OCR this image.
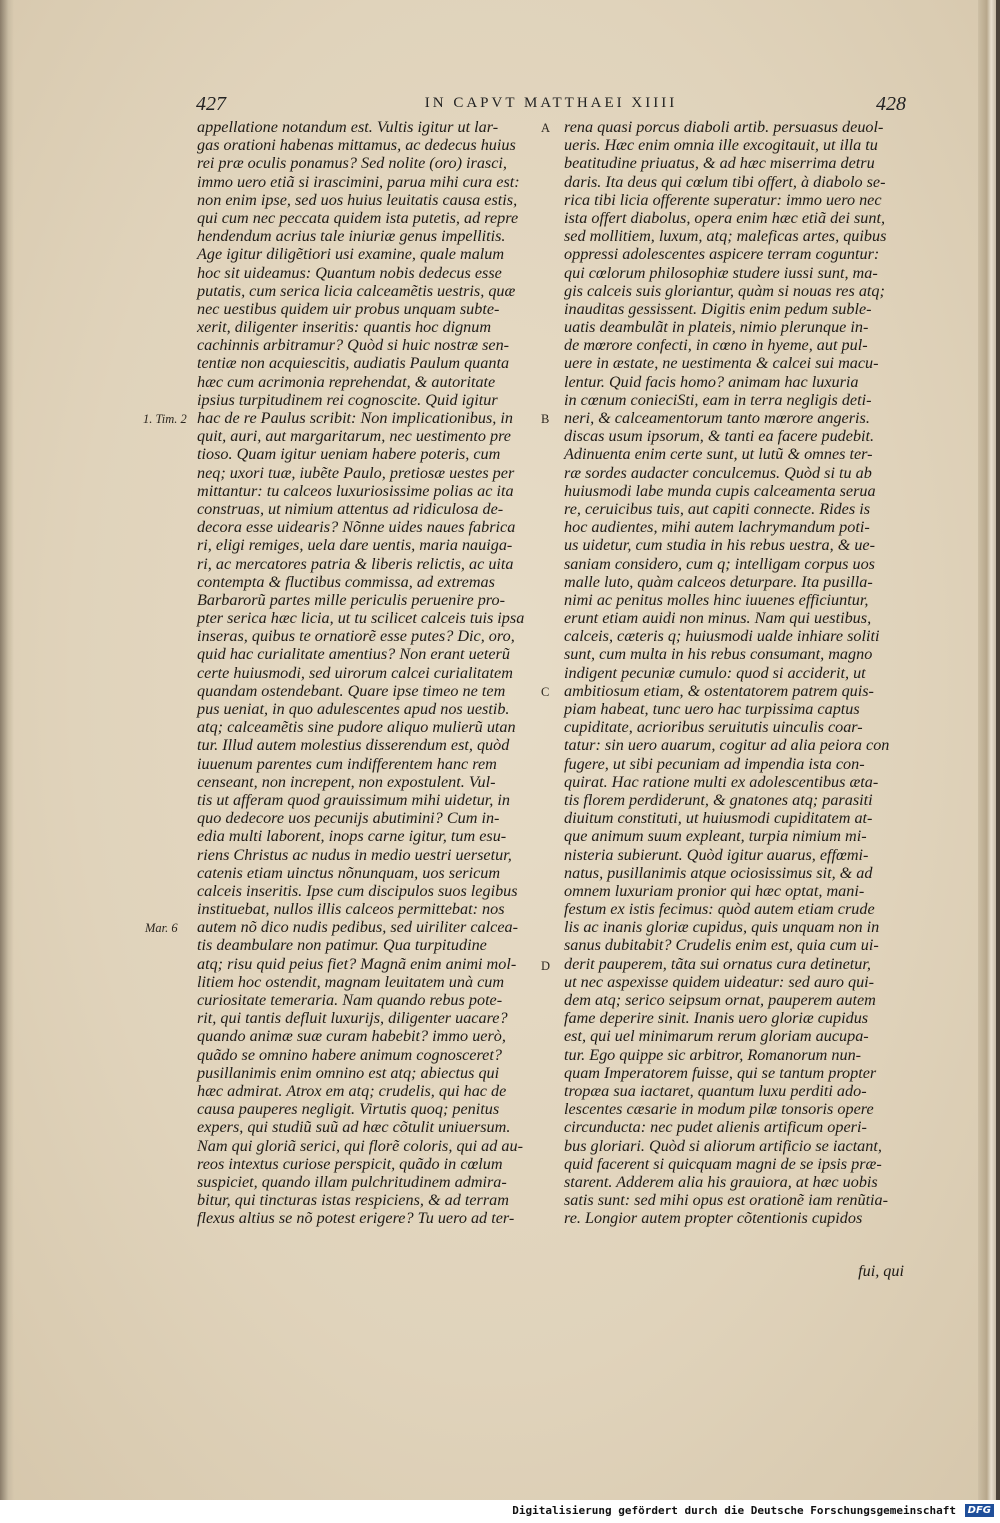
427	IN CAPVT MATTHAEI XIIII	428
1. Tim. 2
Mar. 6
A
B
C
D
appellatione notandum est. Vultis igitur ut lar-
gas orationi habenas mittamus, ac dedecus huius
rei præ oculis ponamus? Sed nolite (oro) irasci,
immo uero etiã si irascimini, parua mihi cura est:
non enim ipse, sed uos huius leuitatis causa estis,
qui cum nec peccata quidem ista putetis, ad repre
hendendum acrius tale iniuriæ genus impellitis.
Age igitur diligẽtiori usi examine, quale malum
hoc sit uideamus: Quantum nobis dedecus esse
putatis, cum serica licia calceamẽtis uestris, quæ
nec uestibus quidem uir probus unquam subte-
xerit, diligenter inseritis: quantis hoc dignum
cachinnis arbitramur? Quòd si huic nostræ sen-
tentiæ non acquiescitis, audiatis Paulum quanta
hæc cum acrimonia reprehendat, & autoritate
ipsius turpitudinem rei cognoscite. Quid igitur
hac de re Paulus scribit: Non implicationibus, in
quit, auri, aut margaritarum, nec uestimento pre
tioso. Quam igitur ueniam habere poteris, cum
neq; uxori tuæ, iubẽte Paulo, pretiosæ uestes per
mittantur: tu calceos luxuriosissime polias ac ita
construas, ut nimium attentus ad ridiculosa de-
decora esse uidearis? Nõnne uides naues fabrica
ri, eligi remiges, uela dare uentis, maria nauiga-
ri, ac mercatores patria & liberis relictis, ac uita
contempta & fluctibus commissa, ad extremas
Barbarorũ partes mille periculis peruenire pro-
pter serica hæc licia, ut tu scilicet calceis tuis ipsa
inseras, quibus te ornatiorẽ esse putes? Dic, oro,
quid hac curialitate amentius? Non erant ueterũ
certe huiusmodi, sed uirorum calcei curialitatem
quandam ostendebant. Quare ipse timeo ne tem
pus ueniat, in quo adulescentes apud nos uestib.
atq; calceamẽtis sine pudore aliquo mulierũ utan
tur. Illud autem molestius disserendum est, quòd
iuuenum parentes cum indifferentem hanc rem
censeant, non increpent, non expostulent. Vul-
tis ut afferam quod grauissimum mihi uidetur, in
quo dedecore uos pecunijs abutimini? Cum in-
edia multi laborent, inops carne igitur, tum esu-
riens Christus ac nudus in medio uestri uersetur,
catenis etiam uinctus nõnunquam, uos sericum
calceis inseritis. Ipse cum discipulos suos legibus
instituebat, nullos illis calceos permittebat: nos
autem nõ dico nudis pedibus, sed uiriliter calcea-
tis deambulare non patimur. Qua turpitudine
atq; risu quid peius fiet? Magnã enim animi mol-
litiem hoc ostendit, magnam leuitatem unà cum
curiositate temeraria. Nam quando rebus pote-
rit, qui tantis defluit luxurijs, diligenter uacare?
quando animæ suæ curam habebit? immo uerò,
quãdo se omnino habere animum cognosceret?
pusillanimis enim omnino est atq; abiectus qui
hæc admirat. Atrox em atq; crudelis, qui hac de
causa pauperes negligit. Virtutis quoq; penitus
expers, qui studiũ suũ ad hæc cõtulit uniuersum.
Nam qui gloriã serici, qui florẽ coloris, qui ad au-
reos intextus curiose perspicit, quãdo in cœlum
suspiciet, quando illam pulchritudinem admira-
bitur, qui tincturas istas respiciens, & ad terram
flexus altius se nõ potest erigere? Tu uero ad ter-
rena quasi porcus diaboli artib. persuasus deuol-
ueris. Hæc enim omnia ille excogitauit, ut illa tu
beatitudine priuatus, & ad hæc miserrima detru
daris. Ita deus qui cœlum tibi offert, à diabolo se-
rica tibi licia offerente superatur: immo uero nec
ista offert diabolus, opera enim hæc etiã dei sunt,
sed mollitiem, luxum, atq; maleficas artes, quibus
oppressi adolescentes aspicere terram coguntur:
qui cœlorum philosophiæ studere iussi sunt, ma-
gis calceis suis gloriantur, quàm si nouas res atq;
inauditas gessissent. Digitis enim pedum suble-
uatis deambulãt in plateis, nimio plerunque in-
de mœrore confecti, in cœno in hyeme, aut pul-
uere in æstate, ne uestimenta & calcei sui macu-
lentur. Quid facis homo? animam hac luxuria
in cœnum conieciSti, eam in terra negligis deti-
neri, & calceamentorum tanto mœrore angeris.
discas usum ipsorum, & tanti ea facere pudebit.
Adinuenta enim certe sunt, ut lutũ & omnes ter-
ræ sordes audacter conculcemus. Quòd si tu ab
huiusmodi labe munda cupis calceamenta serua
re, ceruicibus tuis, aut capiti connecte. Rides is
hoc audientes, mihi autem lachrymandum poti-
us uidetur, cum studia in his rebus uestra, & ue-
saniam considero, cum q; intelligam corpus uos
malle luto, quàm calceos deturpare. Ita pusilla-
nimi ac penitus molles hinc iuuenes efficiuntur,
erunt etiam auidi non minus. Nam qui uestibus,
calceis, cæteris q; huiusmodi ualde inhiare soliti
sunt, cum multa in his rebus consumant, magno
indigent pecuniæ cumulo: quod si acciderit, ut
ambitiosum etiam, & ostentatorem patrem quis-
piam habeat, tunc uero hac turpissima captus
cupiditate, acrioribus seruitutis uinculis coar-
tatur: sin uero auarum, cogitur ad alia peiora con
fugere, ut sibi pecuniam ad impendia ista con-
quirat. Hac ratione multi ex adolescentibus æta-
tis florem perdiderunt, & gnatones atq; parasiti
diuitum constituti, ut huiusmodi cupiditatem at-
que animum suum expleant, turpia nimium mi-
nisteria subierunt. Quòd igitur auarus, effœmi-
natus, pusillanimis atque ociosissimus sit, & ad
omnem luxuriam pronior qui hæc optat, mani-
festum ex istis fecimus: quòd autem etiam crude
lis ac inanis gloriæ cupidus, quis unquam non in
sanus dubitabit? Crudelis enim est, quia cum ui-
derit pauperem, tãta sui ornatus cura detinetur,
ut nec aspexisse quidem uideatur: sed auro qui-
dem atq; serico seipsum ornat, pauperem autem
fame deperire sinit. Inanis uero gloriæ cupidus
est, qui uel minimarum rerum gloriam aucupa-
tur. Ego quippe sic arbitror, Romanorum nun-
quam Imperatorem fuisse, qui se tantum propter
tropæa sua iactaret, quantum luxu perditi ado-
lescentes cæsarie in modum pilæ tonsoris opere
circunducta: nec pudet alienis artificum operi-
bus gloriari. Quòd si aliorum artificio se iactant,
quid facerent si quicquam magni de se ipsis præ-
starent. Adderem alia his grauiora, at hæc uobis
satis sunt: sed mihi opus est orationẽ iam renũtia-
re. Longior autem propter cõtentionis cupidos
fui, qui
Digitalisierung gefördert durch die Deutsche Forschungsgemeinschaft	DFG
